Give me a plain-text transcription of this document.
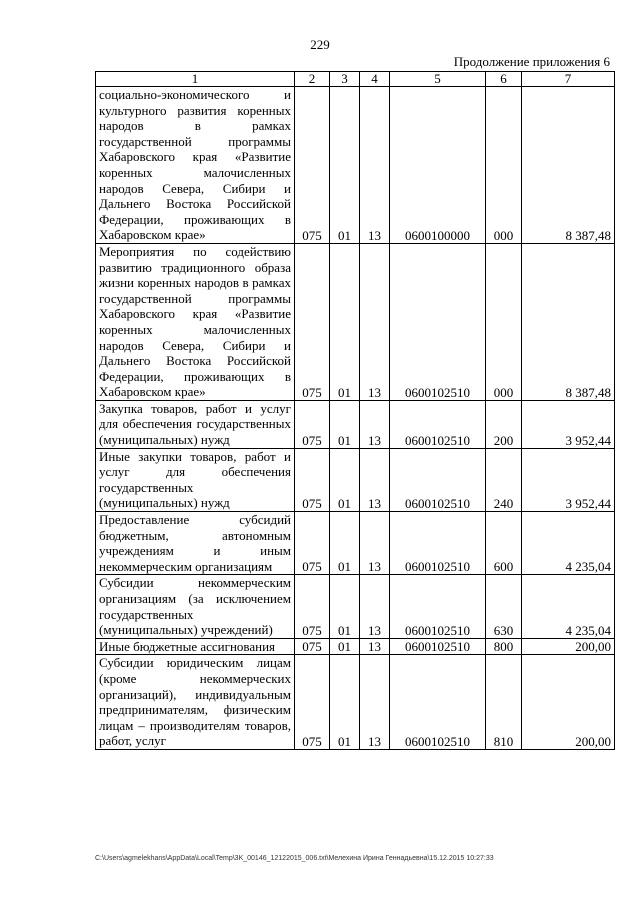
229
Продолжение приложения 6
1	2	3	4	5	6	7
социально-экономического и культурного развития коренных народов в рамках государственной программы Хабаровского края «Развитие коренных малочисленных народов Севера, Сибири и Дальнего Востока Российской Федерации, проживающих в Хабаровском крае»	075	01	13	0600100000	000	8 387,48
Мероприятия по содействию развитию традиционного образа жизни коренных народов в рамках государственной программы Хабаровского края «Развитие коренных малочисленных народов Севера, Сибири и Дальнего Востока Российской Федерации, проживающих в Хабаровском крае»	075	01	13	0600102510	000	8 387,48
Закупка товаров, работ и услуг для обеспечения государственных (муниципальных) нужд	075	01	13	0600102510	200	3 952,44
Иные закупки товаров, работ и услуг для обеспечения государственных (муниципальных) нужд	075	01	13	0600102510	240	3 952,44
Предоставление субсидий бюджетным, автономным учреждениям и иным некоммерческим организациям	075	01	13	0600102510	600	4 235,04
Субсидии некоммерческим организациям (за исключением государственных (муниципальных) учреждений)	075	01	13	0600102510	630	4 235,04
Иные бюджетные ассигнования	075	01	13	0600102510	800	200,00
Субсидии юридическим лицам (кроме некоммерческих организаций), индивидуальным предпринимателям, физическим лицам – производителям товаров, работ, услуг	075	01	13	0600102510	810	200,00
C:\Users\agmelekhans\AppData\Local\Temp\3K_00146_12122015_006.txt\Мелехина Ирина Геннадьевна\15.12.2015 10:27:33
